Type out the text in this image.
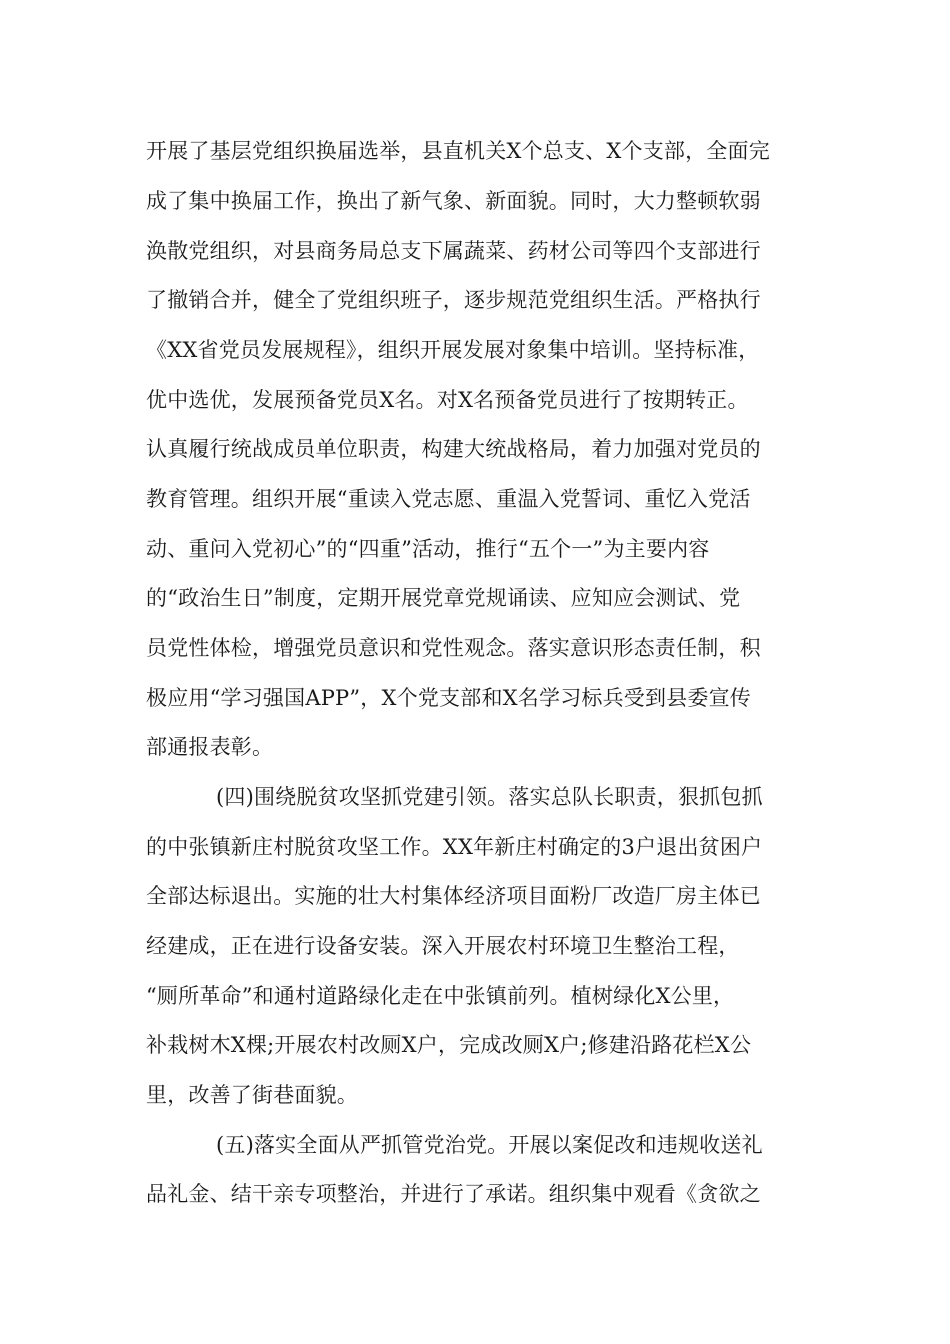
开展了基层党组织换届选举，县直机关X个总支、X个支部，全面完
成了集中换届工作，换出了新气象、新面貌。同时，大力整顿软弱
涣散党组织，对县商务局总支下属蔬菜、药材公司等四个支部进行
了撤销合并，健全了党组织班子，逐步规范党组织生活。严格执行
《XX省党员发展规程》，组织开展发展对象集中培训。坚持标准，
优中选优，发展预备党员X名。对X名预备党员进行了按期转正。
认真履行统战成员单位职责，构建大统战格局，着力加强对党员的
教育管理。组织开展“重读入党志愿、重温入党誓词、重忆入党活
动、重问入党初心”的“四重”活动，推行“五个一”为主要内容
的“政治生日”制度，定期开展党章党规诵读、应知应会测试、党
员党性体检，增强党员意识和党性观念。落实意识形态责任制，积
极应用“学习强国APP”，X个党支部和X名学习标兵受到县委宣传
部通报表彰。
(四)围绕脱贫攻坚抓党建引领。落实总队长职责，狠抓包抓
的中张镇新庄村脱贫攻坚工作。XX年新庄村确定的3户退出贫困户
全部达标退出。实施的壮大村集体经济项目面粉厂改造厂房主体已
经建成，正在进行设备安装。深入开展农村环境卫生整治工程，
“厕所革命”和通村道路绿化走在中张镇前列。植树绿化X公里，
补栽树木X棵;开展农村改厕X户，完成改厕X户;修建沿路花栏X公
里，改善了街巷面貌。
(五)落实全面从严抓管党治党。开展以案促改和违规收送礼
品礼金、结干亲专项整治，并进行了承诺。组织集中观看《贪欲之
